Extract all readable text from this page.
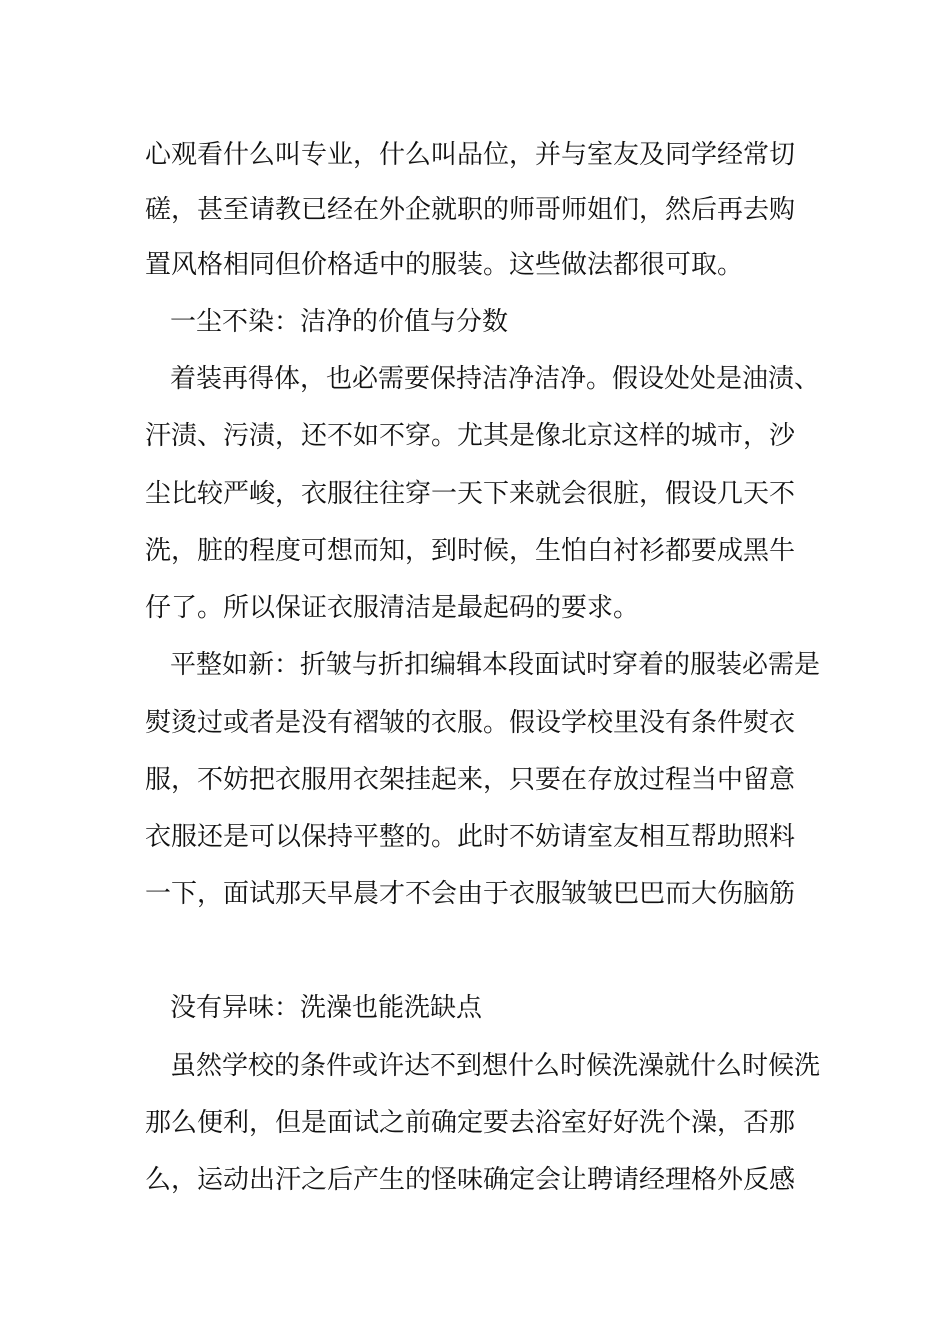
心观看什么叫专业，什么叫品位，并与室友及同学经常切
磋，甚至请教已经在外企就职的师哥师姐们，然后再去购
置风格相同但价格适中的服装。这些做法都很可取。
一尘不染：洁净的价值与分数
着装再得体，也必需要保持洁净洁净。假设处处是油渍、
汗渍、污渍，还不如不穿。尤其是像北京这样的城市，沙
尘比较严峻，衣服往往穿一天下来就会很脏，假设几天不
洗，脏的程度可想而知，到时候，生怕白衬衫都要成黑牛
仔了。所以保证衣服清洁是最起码的要求。
平整如新：折皱与折扣编辑本段面试时穿着的服装必需是
熨烫过或者是没有褶皱的衣服。假设学校里没有条件熨衣
服，不妨把衣服用衣架挂起来，只要在存放过程当中留意
衣服还是可以保持平整的。此时不妨请室友相互帮助照料
一下，面试那天早晨才不会由于衣服皱皱巴巴而大伤脑筋
没有异味：洗澡也能洗缺点
虽然学校的条件或许达不到想什么时候洗澡就什么时候洗
那么便利，但是面试之前确定要去浴室好好洗个澡，否那
么，运动出汗之后产生的怪味确定会让聘请经理格外反感
